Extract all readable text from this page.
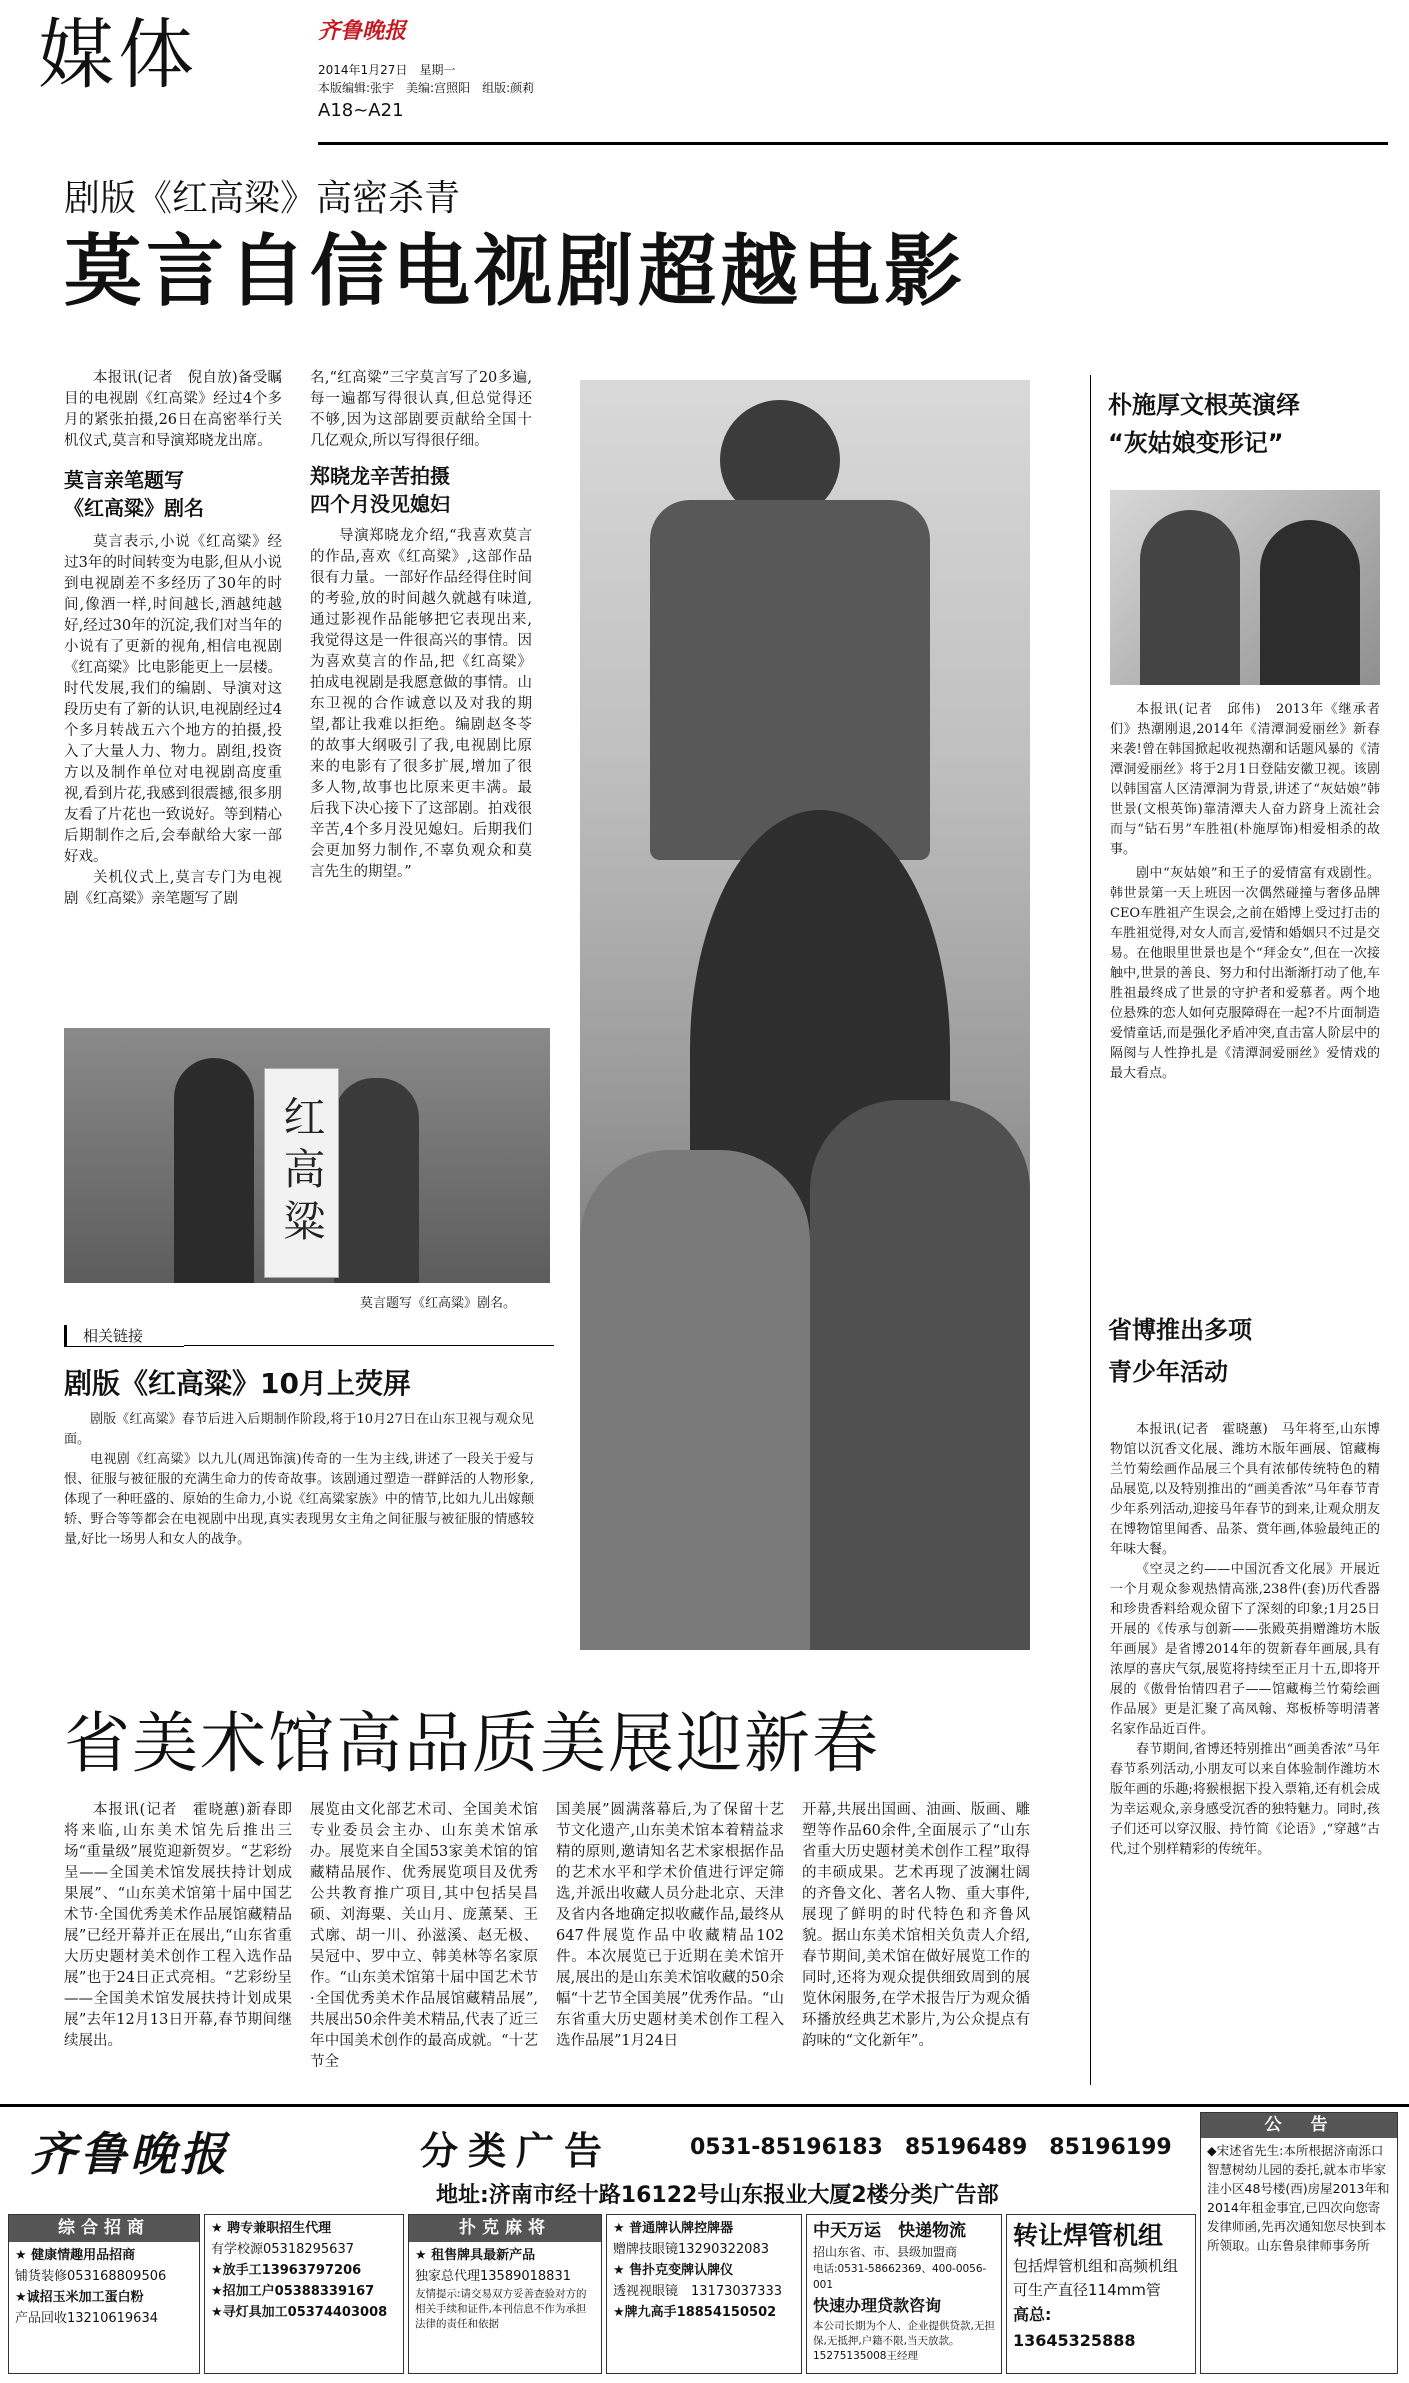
媒体	齐鲁晚报
2014年1月27日　星期一
本版编辑:张宇　美编:宫照阳　组版:颜莉
A18~A21
剧版《红高粱》高密杀青
莫言自信电视剧超越电影

本报讯(记者　倪自放)备受瞩目的电视剧《红高粱》经过4个多月的紧张拍摄,26日在高密举行关机仪式,莫言和导演郑晓龙出席。

莫言亲笔题写
《红高粱》剧名

莫言表示,小说《红高粱》经过3年的时间转变为电影,但从小说到电视剧差不多经历了30年的时间,像酒一样,时间越长,酒越纯越好,经过30年的沉淀,我们对当年的小说有了更新的视角,相信电视剧《红高粱》比电影能更上一层楼。时代发展,我们的编剧、导演对这段历史有了新的认识,电视剧经过4个多月转战五六个地方的拍摄,投入了大量人力、物力。剧组,投资方以及制作单位对电视剧高度重视,看到片花,我感到很震撼,很多朋友看了片花也一致说好。等到精心后期制作之后,会奉献给大家一部好戏。

关机仪式上,莫言专门为电视剧《红高粱》亲笔题写了剧

名,“红高粱”三字莫言写了20多遍,每一遍都写得很认真,但总觉得还不够,因为这部剧要贡献给全国十几亿观众,所以写得很仔细。

郑晓龙辛苦拍摄
四个月没见媳妇

导演郑晓龙介绍,“我喜欢莫言的作品,喜欢《红高粱》,这部作品很有力量。一部好作品经得住时间的考验,放的时间越久就越有味道,通过影视作品能够把它表现出来,我觉得这是一件很高兴的事情。因为喜欢莫言的作品,把《红高粱》拍成电视剧是我愿意做的事情。山东卫视的合作诚意以及对我的期望,都让我难以拒绝。编剧赵冬苓的故事大纲吸引了我,电视剧比原来的电影有了很多扩展,增加了很多人物,故事也比原来更丰满。最后我下决心接下了这部剧。拍戏很辛苦,4个多月没见媳妇。后期我们会更加努力制作,不辜负观众和莫言先生的期望。”

红高粱
莫言题写《红高粱》剧名。
相关链接
剧版《红高粱》10月上荧屏

剧版《红高粱》春节后进入后期制作阶段,将于10月27日在山东卫视与观众见面。

电视剧《红高粱》以九儿(周迅饰演)传奇的一生为主线,讲述了一段关于爱与恨、征服与被征服的充满生命力的传奇故事。该剧通过塑造一群鲜活的人物形象,体现了一种旺盛的、原始的生命力,小说《红高粱家族》中的情节,比如九儿出嫁颠轿、野合等等都会在电视剧中出现,真实表现男女主角之间征服与被征服的情感较量,好比一场男人和女人的战争。

朴施厚文根英演绎
“灰姑娘变形记”

本报讯(记者　邱伟)　2013年《继承者们》热潮刚退,2014年《清潭洞爱丽丝》新春来袭!曾在韩国掀起收视热潮和话题风暴的《清潭洞爱丽丝》将于2月1日登陆安徽卫视。该剧以韩国富人区清潭洞为背景,讲述了“灰姑娘”韩世景(文根英饰)靠清潭夫人奋力跻身上流社会而与“钻石男”车胜祖(朴施厚饰)相爱相杀的故事。

剧中“灰姑娘”和王子的爱情富有戏剧性。韩世景第一天上班因一次偶然碰撞与奢侈品牌CEO车胜祖产生误会,之前在婚博上受过打击的车胜祖觉得,对女人而言,爱情和婚姻只不过是交易。在他眼里世景也是个“拜金女”,但在一次接触中,世景的善良、努力和付出渐渐打动了他,车胜祖最终成了世景的守护者和爱慕者。两个地位悬殊的恋人如何克服障碍在一起?不片面制造爱情童话,而是强化矛盾冲突,直击富人阶层中的隔阂与人性挣扎是《清潭洞爱丽丝》爱情戏的最大看点。

省博推出多项
青少年活动

本报讯(记者　霍晓蕙)　马年将至,山东博物馆以沉香文化展、潍坊木版年画展、馆藏梅兰竹菊绘画作品展三个具有浓郁传统特色的精品展览,以及特别推出的“画美香浓”马年春节青少年系列活动,迎接马年春节的到来,让观众朋友在博物馆里闻香、品茶、赏年画,体验最纯正的年味大餐。

《空灵之约——中国沉香文化展》开展近一个月观众参观热情高涨,238件(套)历代香器和珍贵香料给观众留下了深刻的印象;1月25日开展的《传承与创新——张殿英捐赠潍坊木版年画展》是省博2014年的贺新春年画展,具有浓厚的喜庆气氛,展览将持续至正月十五,即将开展的《傲骨怡情四君子——馆藏梅兰竹菊绘画作品展》更是汇聚了高凤翰、郑板桥等明清著名家作品近百件。

春节期间,省博还特别推出“画美香浓”马年春节系列活动,小朋友可以来自体验制作潍坊木版年画的乐趣;将猴根据下投入票箱,还有机会成为幸运观众,亲身感受沉香的独特魅力。同时,孩子们还可以穿汉服、持竹简《论语》,“穿越”古代,过个别样精彩的传统年。

省美术馆高品质美展迎新春

本报讯(记者　霍晓蕙)新春即将来临,山东美术馆先后推出三场“重量级”展览迎新贺岁。“艺彩纷呈——全国美术馆发展扶持计划成果展”、“山东美术馆第十届中国艺术节·全国优秀美术作品展馆藏精品展”已经开幕并正在展出,“山东省重大历史题材美术创作工程入选作品展”也于24日正式亮相。“艺彩纷呈——全国美术馆发展扶持计划成果展”去年12月13日开幕,春节期间继续展出。

展览由文化部艺术司、全国美术馆专业委员会主办、山东美术馆承办。展览来自全国53家美术馆的馆藏精品展作、优秀展览项目及优秀公共教育推广项目,其中包括吴昌硕、刘海粟、关山月、庞薰琹、王式廓、胡一川、孙滋溪、赵无极、吴冠中、罗中立、韩美林等名家原作。“山东美术馆第十届中国艺术节·全国优秀美术作品展馆藏精品展”,共展出50余件美术精品,代表了近三年中国美术创作的最高成就。“十艺节全

国美展”圆满落幕后,为了保留十艺节文化遗产,山东美术馆本着精益求精的原则,邀请知名艺术家根据作品的艺术水平和学术价值进行评定筛选,并派出收藏人员分赴北京、天津及省内各地确定拟收藏作品,最终从647件展览作品中收藏精品102件。本次展览已于近期在美术馆开展,展出的是山东美术馆收藏的50余幅“十艺节全国美展”优秀作品。“山东省重大历史题材美术创作工程入选作品展”1月24日

开幕,共展出国画、油画、版画、雕塑等作品60余件,全面展示了“山东省重大历史题材美术创作工程”取得的丰硕成果。艺术再现了波澜壮阔的齐鲁文化、著名人物、重大事件,展现了鲜明的时代特色和齐鲁风貌。据山东美术馆相关负责人介绍,春节期间,美术馆在做好展览工作的同时,还将为观众提供细致周到的展览休闲服务,在学术报告厅为观众循环播放经典艺术影片,为公众提点有韵味的“文化新年”。

齐鲁晚报	分类广告	0531-85196183　85196489　85196199
地址:济南市经十路16122号山东报业大厦2楼分类广告部
公　告
◆宋述省先生:本所根据济南泺口智慧树幼儿园的委托,就本市毕家洼小区48号楼(西)房屋2013年和2014年租金事宜,已四次向您寄发律师函,先再次通知您尽快到本所领取。山东鲁泉律师事务所
综合招商
★ 健康情趣用品招商
铺货装修053168809506
★诚招玉米加工蛋白粉
产品回收13210619634
★ 聘专兼职招生代理
有学校源05318295637
★放手工13963797206
★招加工户05388339167
★寻灯具加工05374403008
扑克麻将
★ 租售牌具最新产品
独家总代理13589018831
友情提示:请交易双方妥善查验对方的相关手续和证件,本刊信息不作为承担法律的责任和依据
★ 普通牌认牌控牌器
赠牌技眼镜13290322083
★ 售扑克变牌认牌仪
透视视眼镜　13173037333
★牌九高手18854150502
中天万运　快递物流
招山东省、市、县级加盟商
电话:0531-58662369、400-0056-001
快速办理贷款咨询
本公司长期为个人、企业提供贷款,无担保,无抵押,户籍不限,当天放款。15275135008王经理
转让焊管机组
包括焊管机组和高频机组可生产直径114mm管
高总:　13645325888
